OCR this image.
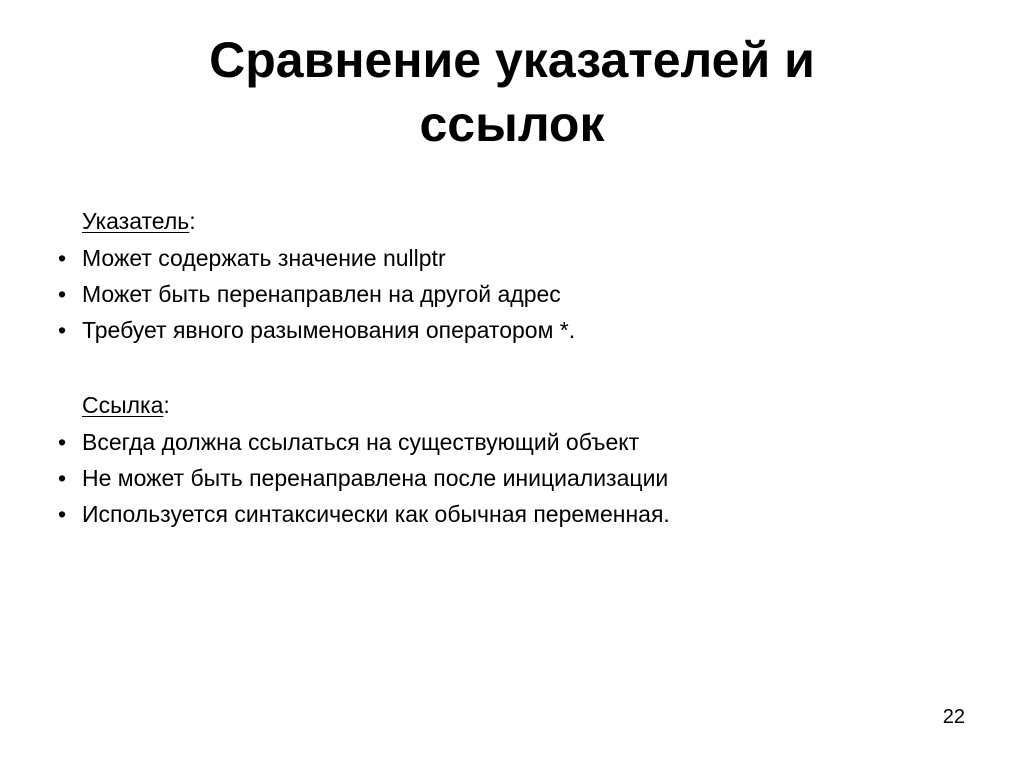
Сравнение указателей и
ссылок
Указатель:
• Может содержать значение nullptr
• Может быть перенаправлен на другой адрес
• Требует явного разыменования оператором *.
Ссылка:
• Всегда должна ссылаться на существующий объект
• Не может быть перенаправлена после инициализации
• Используется синтаксически как обычная переменная.
22
